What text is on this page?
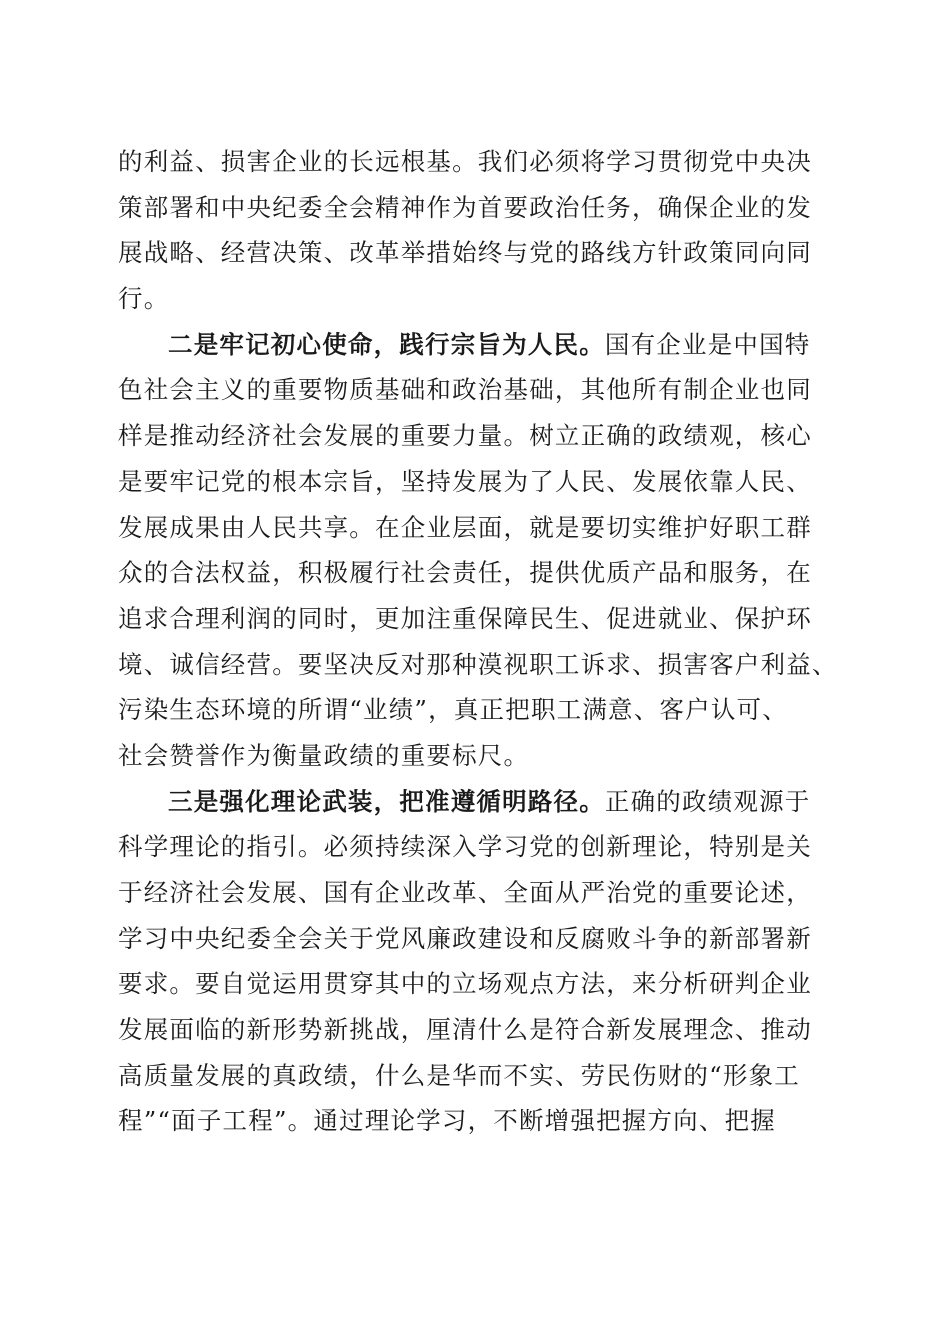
的利益、损害企业的长远根基。我们必须将学习贯彻党中央决
策部署和中央纪委全会精神作为首要政治任务，确保企业的发
展战略、经营决策、改革举措始终与党的路线方针政策同向同
行。
二是牢记初心使命，践行宗旨为人民。国有企业是中国特
色社会主义的重要物质基础和政治基础，其他所有制企业也同
样是推动经济社会发展的重要力量。树立正确的政绩观，核心
是要牢记党的根本宗旨，坚持发展为了人民、发展依靠人民、
发展成果由人民共享。在企业层面，就是要切实维护好职工群
众的合法权益，积极履行社会责任，提供优质产品和服务，在
追求合理利润的同时，更加注重保障民生、促进就业、保护环
境、诚信经营。要坚决反对那种漠视职工诉求、损害客户利益、
污染生态环境的所谓“业绩”，真正把职工满意、客户认可、
社会赞誉作为衡量政绩的重要标尺。
三是强化理论武装，把准遵循明路径。正确的政绩观源于
科学理论的指引。必须持续深入学习党的创新理论，特别是关
于经济社会发展、国有企业改革、全面从严治党的重要论述，
学习中央纪委全会关于党风廉政建设和反腐败斗争的新部署新
要求。要自觉运用贯穿其中的立场观点方法，来分析研判企业
发展面临的新形势新挑战，厘清什么是符合新发展理念、推动
高质量发展的真政绩，什么是华而不实、劳民伤财的“形象工
程”“面子工程”。通过理论学习，不断增强把握方向、把握
